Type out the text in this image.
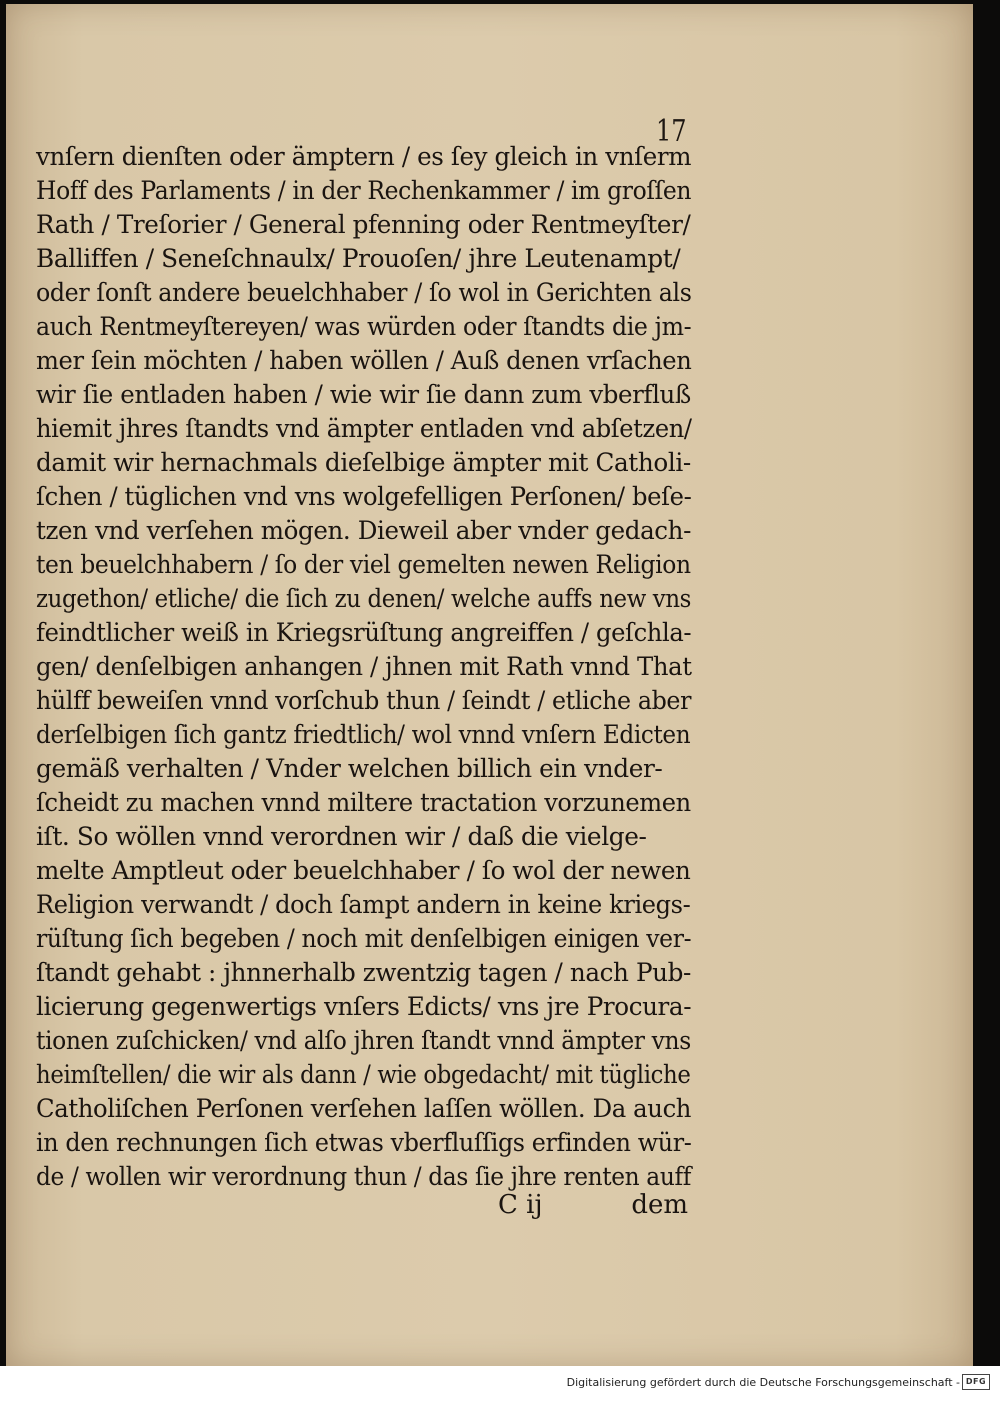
17
vnſern dienſten oder ämptern / es ſey gleich in vnſerm
Hoff des Parlaments / in der Rechenkammer / im groſſen
Rath / Treſorier / General pfenning oder Rentmeyſter/
Balliffen / Seneſchnaulx/ Prouoſen/ jhre Leutenampt/
oder ſonſt andere beuelchhaber / ſo wol in Gerichten als
auch Rentmeyſtereyen/ was würden oder ſtandts die jm-
mer ſein möchten / haben wöllen / Auß denen vrſachen
wir ſie entladen haben / wie wir ſie dann zum vberfluß
hiemit jhres ſtandts vnd ämpter entladen vnd abſetzen/
damit wir hernachmals dieſelbige ämpter mit Catholi-
ſchen / tüglichen vnd vns wolgefelligen Perſonen/ beſe-
tzen vnd verſehen mögen. Dieweil aber vnder gedach-
ten beuelchhabern / ſo der viel gemelten newen Religion
zugethon/ etliche/ die ſich zu denen/ welche auffs new vns
feindtlicher weiß in Kriegsrüſtung angreiffen / geſchla-
gen/ denſelbigen anhangen / jhnen mit Rath vnnd That
hülff beweiſen vnnd vorſchub thun / ſeindt / etliche aber
derſelbigen ſich gantz friedtlich/ wol vnnd vnſern Edicten
gemäß verhalten / Vnder welchen billich ein vnder-
ſcheidt zu machen vnnd miltere tractation vorzunemen
iſt. So wöllen vnnd verordnen wir / daß die vielge-
melte Amptleut oder beuelchhaber / ſo wol der newen
Religion verwandt / doch ſampt andern in keine kriegs-
rüſtung ſich begeben / noch mit denſelbigen einigen ver-
ſtandt gehabt : jhnnerhalb zwentzig tagen / nach Pub-
licierung gegenwertigs vnſers Edicts/ vns jre Procura-
tionen zuſchicken/ vnd alſo jhren ſtandt vnnd ämpter vns
heimſtellen/ die wir als dann / wie obgedacht/ mit tügliche
Catholiſchen Perſonen verſehen laſſen wöllen. Da auch
in den rechnungen ſich etwas vberfluſſigs erfinden wür-
de / wollen wir verordnung thun / das ſie jhre renten auff
C ij	dem
Digitalisierung gefördert durch die Deutsche Forschungsgemeinschaft - DFG
